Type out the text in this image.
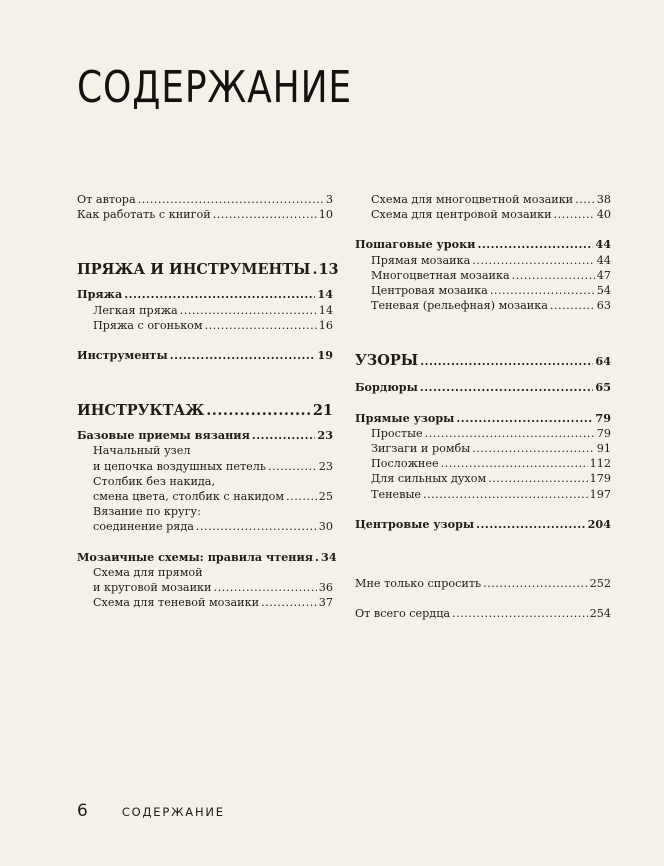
СОДЕРЖАНИЕ
От автора .....	3
Как работать с книгой .....	10
ПРЯЖА И ИНСТРУМЕНТЫ ..... 13
Пряжа .....	14
Легкая пряжа .....	14
Пряжа с огоньком .....	16
Инструменты .....	19
ИНСТРУКТАЖ .....	21
Базовые приемы вязания .....	23
Начальный узел
и цепочка воздушных петель .....	23
Столбик без накида,
смена цвета, столбик с накидом .....	25
Вязание по кругу:
соединение ряда .....	30
Мозаичные схемы: правила чтения ..... 34
Схема для прямой
и круговой мозаики .....	36
Схема для теневой мозаики .....	37
Схема для многоцветной мозаики ..... 38
Схема для центровой мозаики .....	40
Пошаговые уроки .....	44
Прямая мозаика .....	44
Многоцветная мозаика .....	47
Центровая мозаика .....	54
Теневая (рельефная) мозаика .....	63
УЗОРЫ .....	64
Бордюры .....	65
Прямые узоры .....	79
Простые .....	79
Зигзаги и ромбы .....	91
Посложнее .....	112
Для сильных духом .....	179
Теневые .....	197
Центровые узоры .....	204
Мне только спросить .....	252
От всего сердца .....	254
6	СОДЕРЖАНИЕ
